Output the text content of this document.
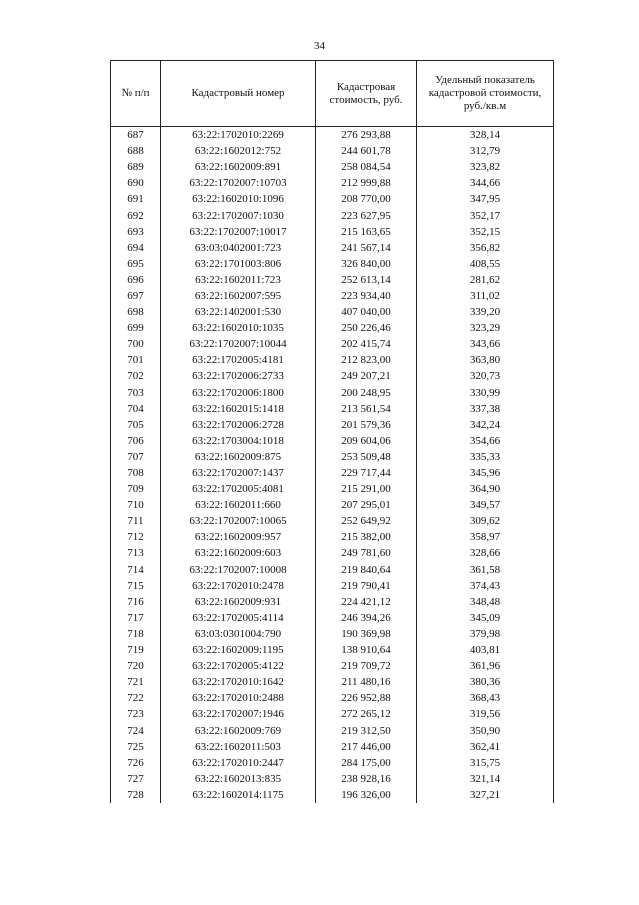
34
№ п/п	Кадастровый номер	Кадастровая стоимость, руб.	Удельный показатель кадастровой стоимости, руб./кв.м
687	63:22:1702010:2269	276 293,88	328,14
688	63:22:1602012:752	244 601,78	312,79
689	63:22:1602009:891	258 084,54	323,82
690	63:22:1702007:10703	212 999,88	344,66
691	63:22:1602010:1096	208 770,00	347,95
692	63:22:1702007:1030	223 627,95	352,17
693	63:22:1702007:10017	215 163,65	352,15
694	63:03:0402001:723	241 567,14	356,82
695	63:22:1701003:806	326 840,00	408,55
696	63:22:1602011:723	252 613,14	281,62
697	63:22:1602007:595	223 934,40	311,02
698	63:22:1402001:530	407 040,00	339,20
699	63:22:1602010:1035	250 226,46	323,29
700	63:22:1702007:10044	202 415,74	343,66
701	63:22:1702005:4181	212 823,00	363,80
702	63:22:1702006:2733	249 207,21	320,73
703	63:22:1702006:1800	200 248,95	330,99
704	63:22:1602015:1418	213 561,54	337,38
705	63:22:1702006:2728	201 579,36	342,24
706	63:22:1703004:1018	209 604,06	354,66
707	63:22:1602009:875	253 509,48	335,33
708	63:22:1702007:1437	229 717,44	345,96
709	63:22:1702005:4081	215 291,00	364,90
710	63:22:1602011:660	207 295,01	349,57
711	63:22:1702007:10065	252 649,92	309,62
712	63:22:1602009:957	215 382,00	358,97
713	63:22:1602009:603	249 781,60	328,66
714	63:22:1702007:10008	219 840,64	361,58
715	63:22:1702010:2478	219 790,41	374,43
716	63:22:1602009:931	224 421,12	348,48
717	63:22:1702005:4114	246 394,26	345,09
718	63:03:0301004:790	190 369,98	379,98
719	63:22:1602009:1195	138 910,64	403,81
720	63:22:1702005:4122	219 709,72	361,96
721	63:22:1702010:1642	211 480,16	380,36
722	63:22:1702010:2488	226 952,88	368,43
723	63:22:1702007:1946	272 265,12	319,56
724	63:22:1602009:769	219 312,50	350,90
725	63:22:1602011:503	217 446,00	362,41
726	63:22:1702010:2447	284 175,00	315,75
727	63:22:1602013:835	238 928,16	321,14
728	63:22:1602014:1175	196 326,00	327,21
